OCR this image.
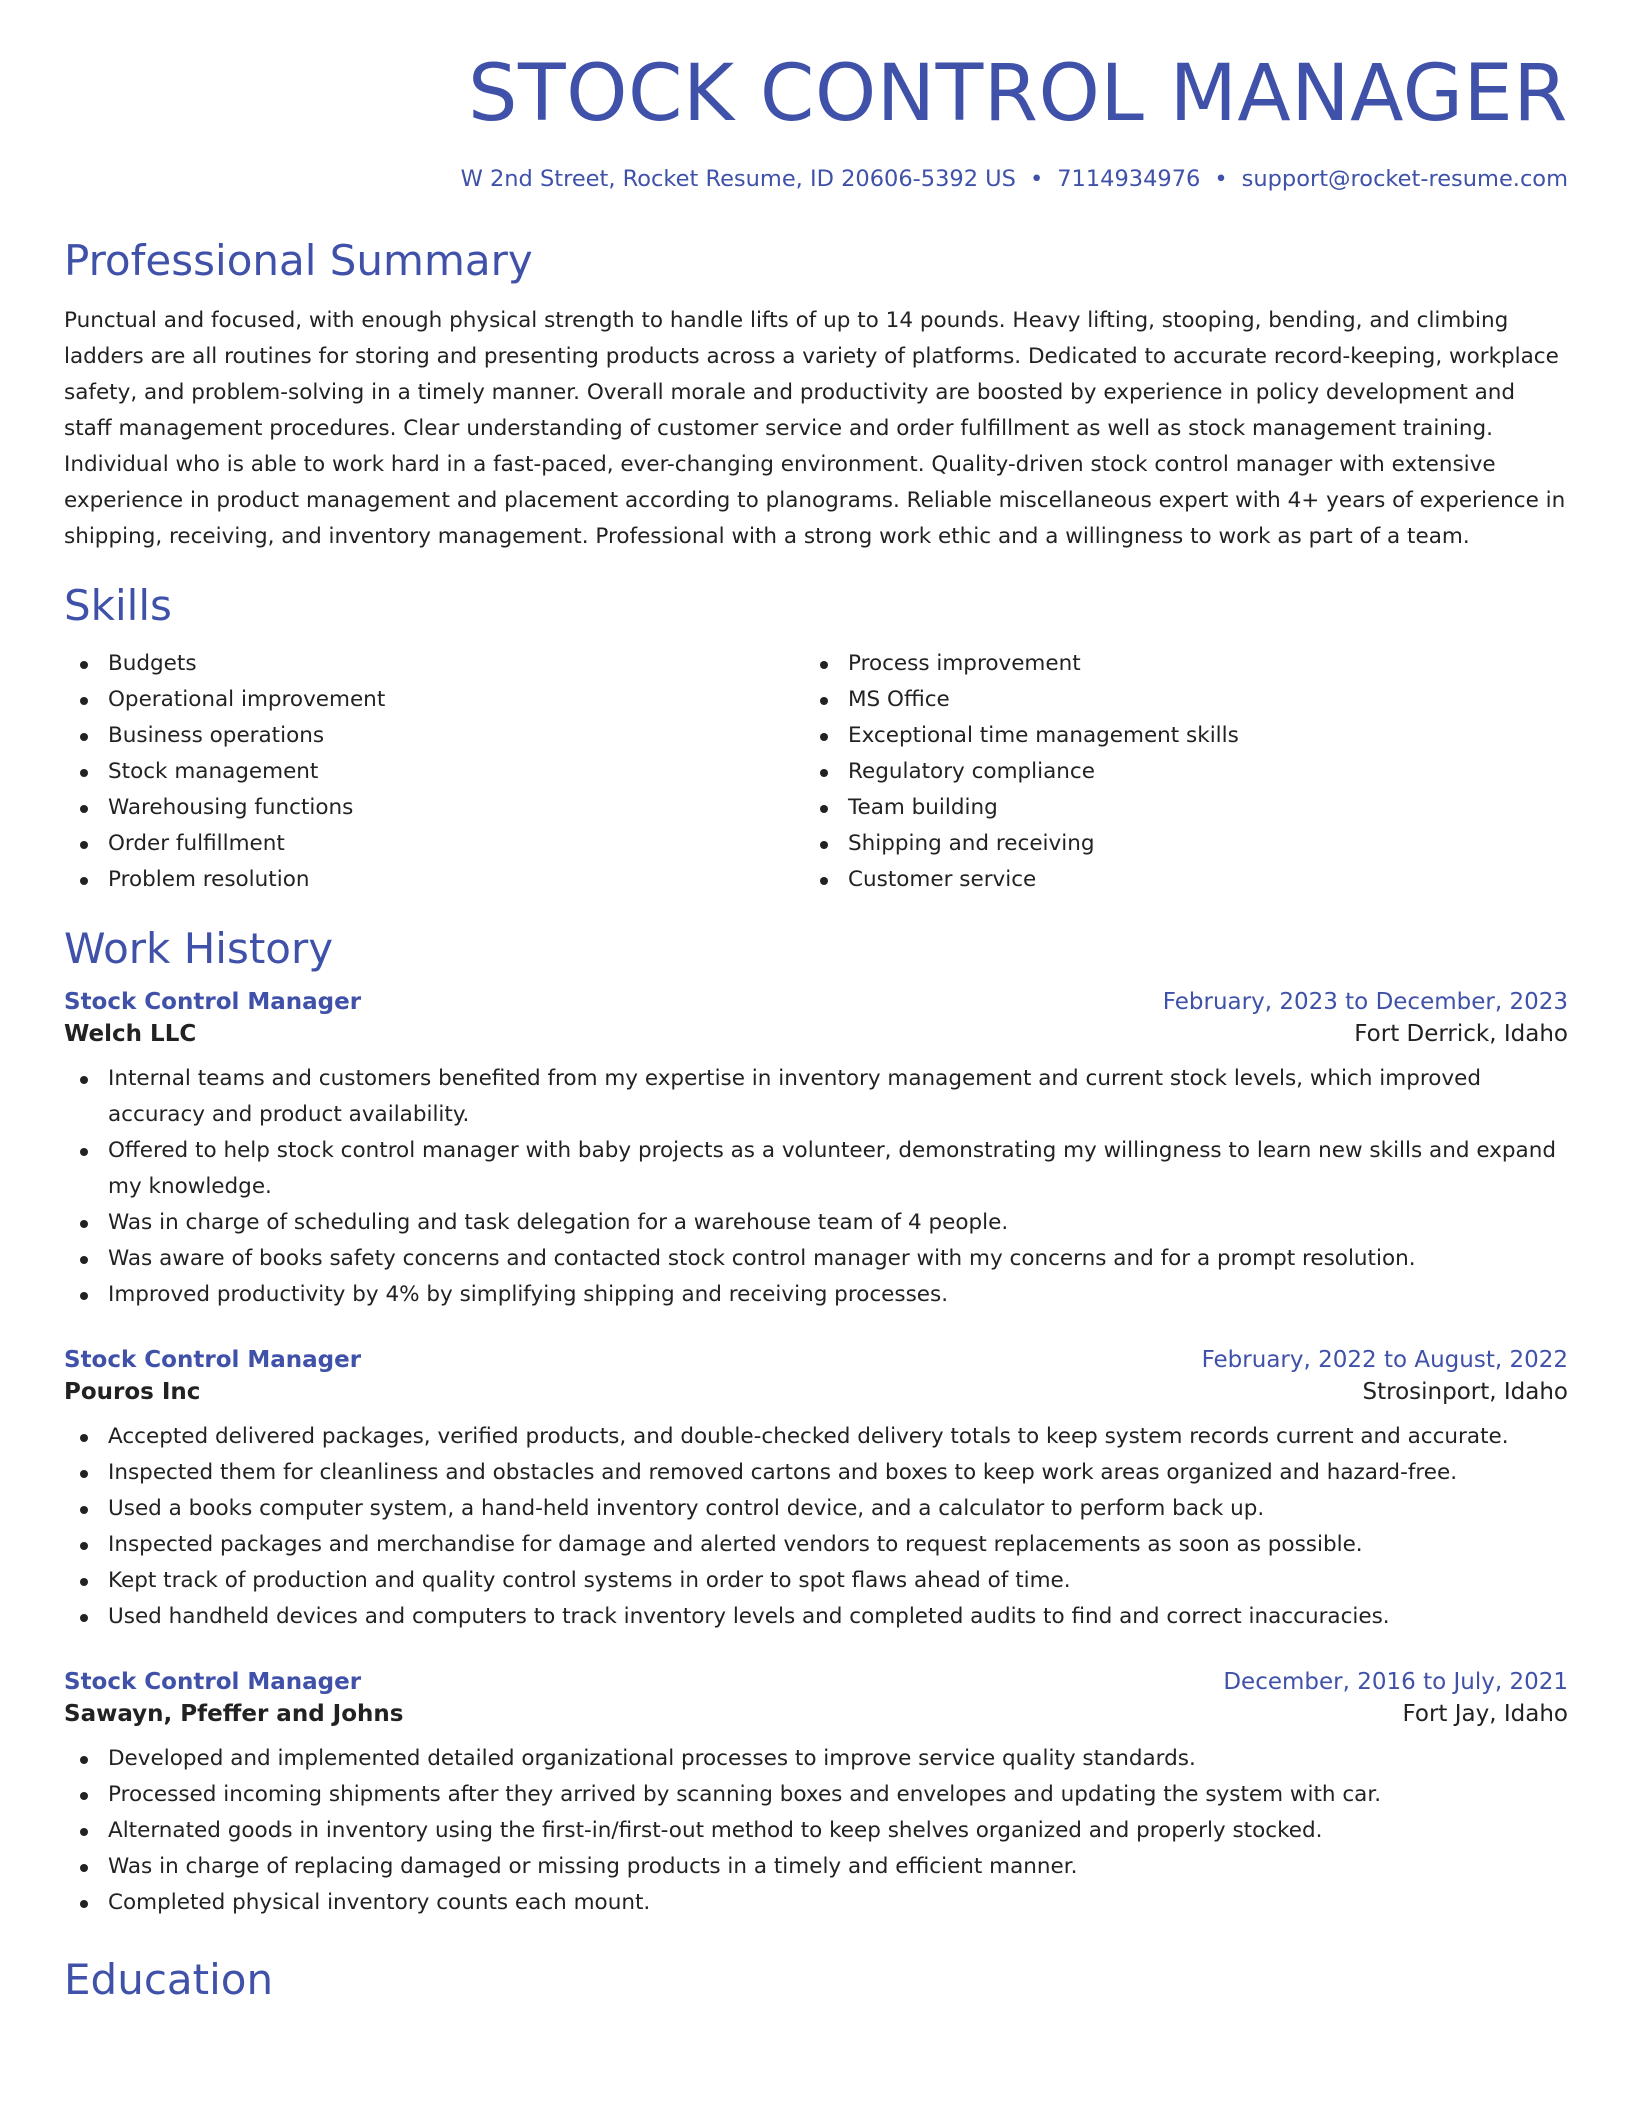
STOCK CONTROL MANAGER
W 2nd Street, Rocket Resume, ID 20606-5392 US • 7114934976 • support@rocket-resume.com
Professional Summary

Punctual and focused, with enough physical strength to handle lifts of up to 14 pounds. Heavy lifting, stooping, bending, and climbing ladders are all routines for storing and presenting products across a variety of platforms. Dedicated to accurate record-keeping, workplace safety, and problem-solving in a timely manner. Overall morale and productivity are boosted by experience in policy development and staff management procedures. Clear understanding of customer service and order fulfillment as well as stock management training. Individual who is able to work hard in a fast-paced, ever-changing environment. Quality-driven stock control manager with extensive experience in product management and placement according to planograms. Reliable miscellaneous expert with 4+ years of experience in shipping, receiving, and inventory management. Professional with a strong work ethic and a willingness to work as part of a team.

Skills
Budgets
Operational improvement
Business operations
Stock management
Warehousing functions
Order fulfillment
Problem resolution
Process improvement
MS Office
Exceptional time management skills
Regulatory compliance
Team building
Shipping and receiving
Customer service
Work History
Stock Control Manager	February, 2023 to December, 2023
Welch LLC	Fort Derrick, Idaho
Internal teams and customers benefited from my expertise in inventory management and current stock levels, which improved accuracy and product availability.
Offered to help stock control manager with baby projects as a volunteer, demonstrating my willingness to learn new skills and expand my knowledge.
Was in charge of scheduling and task delegation for a warehouse team of 4 people.
Was aware of books safety concerns and contacted stock control manager with my concerns and for a prompt resolution.
Improved productivity by 4% by simplifying shipping and receiving processes.
Stock Control Manager	February, 2022 to August, 2022
Pouros Inc	Strosinport, Idaho
Accepted delivered packages, verified products, and double-checked delivery totals to keep system records current and accurate.
Inspected them for cleanliness and obstacles and removed cartons and boxes to keep work areas organized and hazard-free.
Used a books computer system, a hand-held inventory control device, and a calculator to perform back up.
Inspected packages and merchandise for damage and alerted vendors to request replacements as soon as possible.
Kept track of production and quality control systems in order to spot flaws ahead of time.
Used handheld devices and computers to track inventory levels and completed audits to find and correct inaccuracies.
Stock Control Manager	December, 2016 to July, 2021
Sawayn, Pfeffer and Johns	Fort Jay, Idaho
Developed and implemented detailed organizational processes to improve service quality standards.
Processed incoming shipments after they arrived by scanning boxes and envelopes and updating the system with car.
Alternated goods in inventory using the first-in/first-out method to keep shelves organized and properly stocked.
Was in charge of replacing damaged or missing products in a timely and efficient manner.
Completed physical inventory counts each mount.
Education
